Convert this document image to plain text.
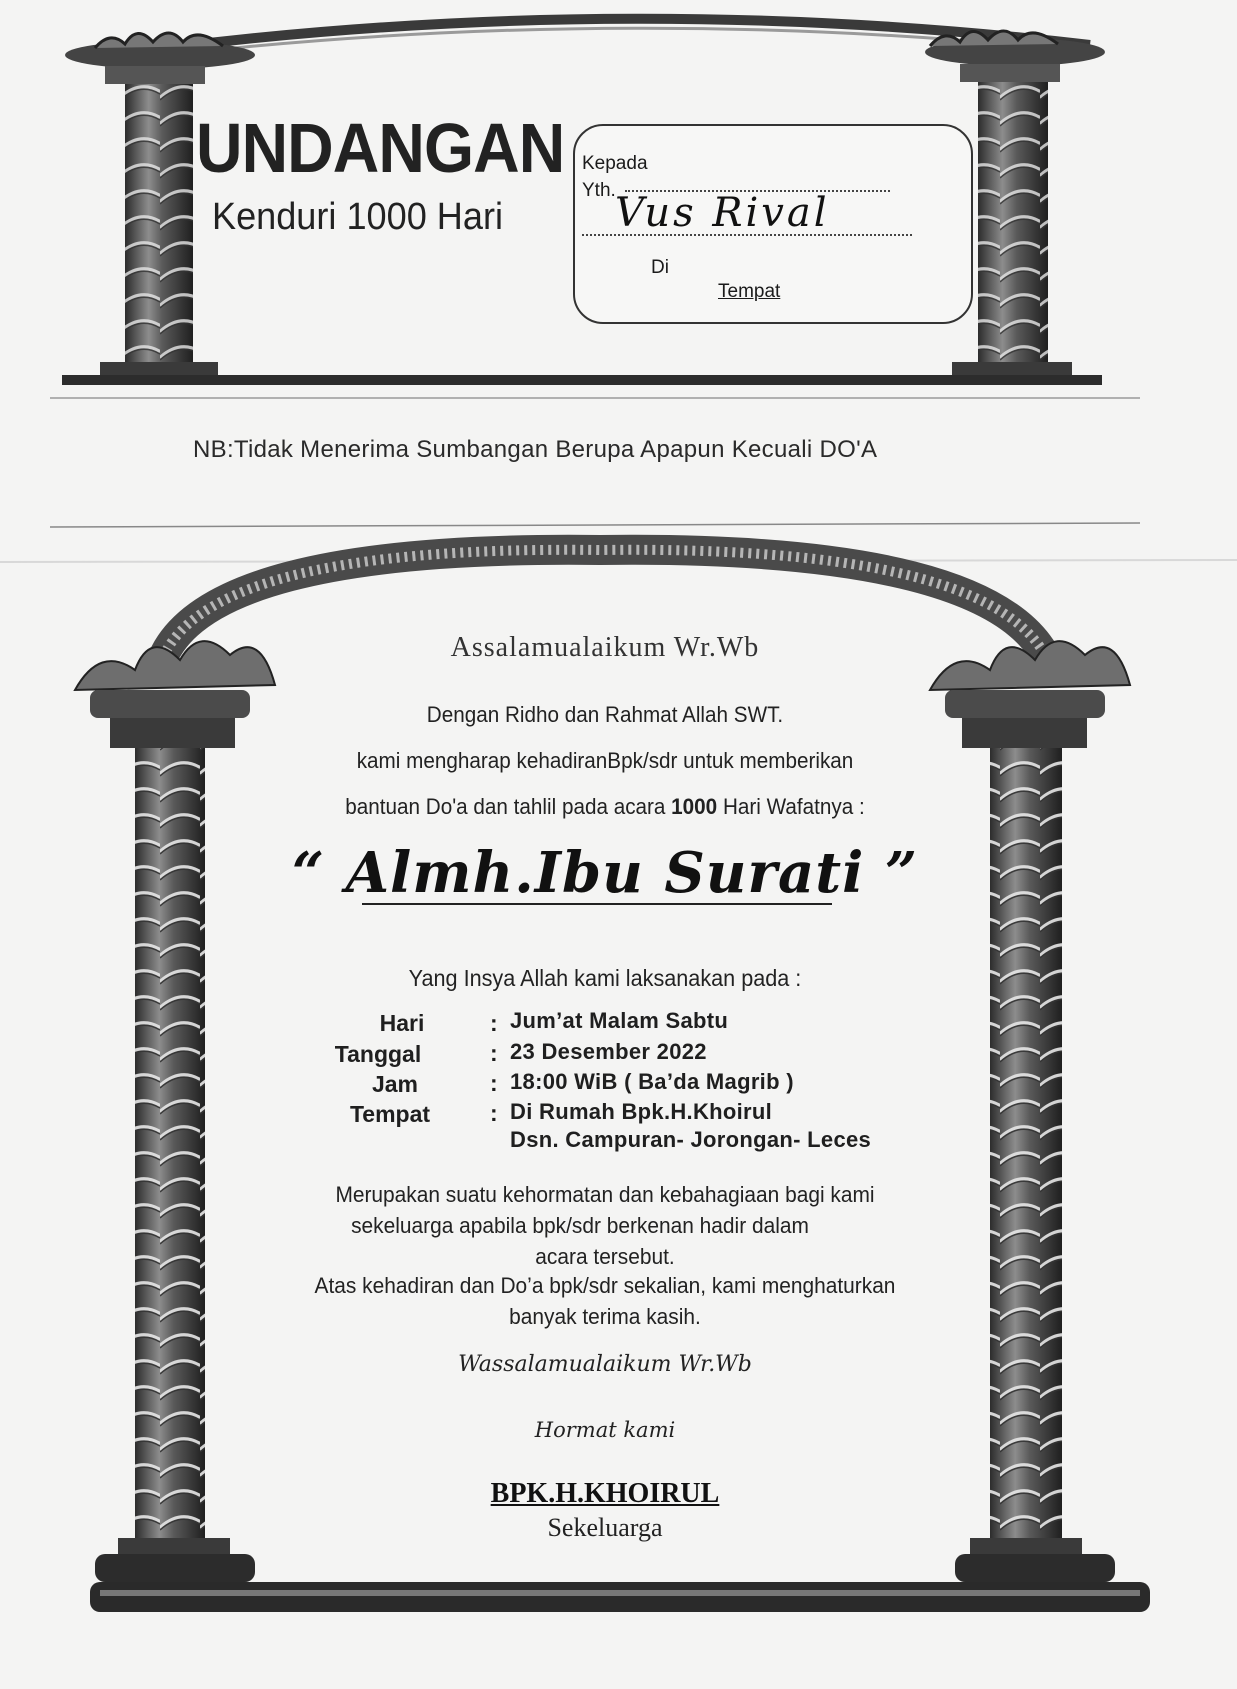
UNDANGAN
Kenduri 1000 Hari
Kepada
Yth. Vus Rival
Di
Tempat
NB:Tidak Menerima Sumbangan Berupa Apapun Kecuali DO'A
Assalamualaikum Wr.Wb
Dengan Ridho dan Rahmat Allah SWT.
kami mengharap kehadiranBpk/sdr untuk memberikan
bantuan Do'a dan tahlil pada acara 1000 Hari Wafatnya :
“ Almh.Ibu Surati ”
Yang Insya Allah kami laksanakan pada :
Hari	: Jum’at Malam Sabtu
Tanggal	: 23 Desember 2022
Jam	: 18:00 WiB ( Ba’da Magrib )
Tempat	: Di Rumah Bpk.H.Khoirul
Dsn. Campuran- Jorongan- Leces
Merupakan suatu kehormatan dan kebahagiaan bagi kami
sekeluarga apabila bpk/sdr berkenan hadir dalam
acara tersebut.
Atas kehadiran dan Do’a bpk/sdr sekalian, kami menghaturkan
banyak terima kasih.
Wassalamualaikum Wr.Wb
Hormat kami
BPK.H.KHOIRUL
Sekeluarga
